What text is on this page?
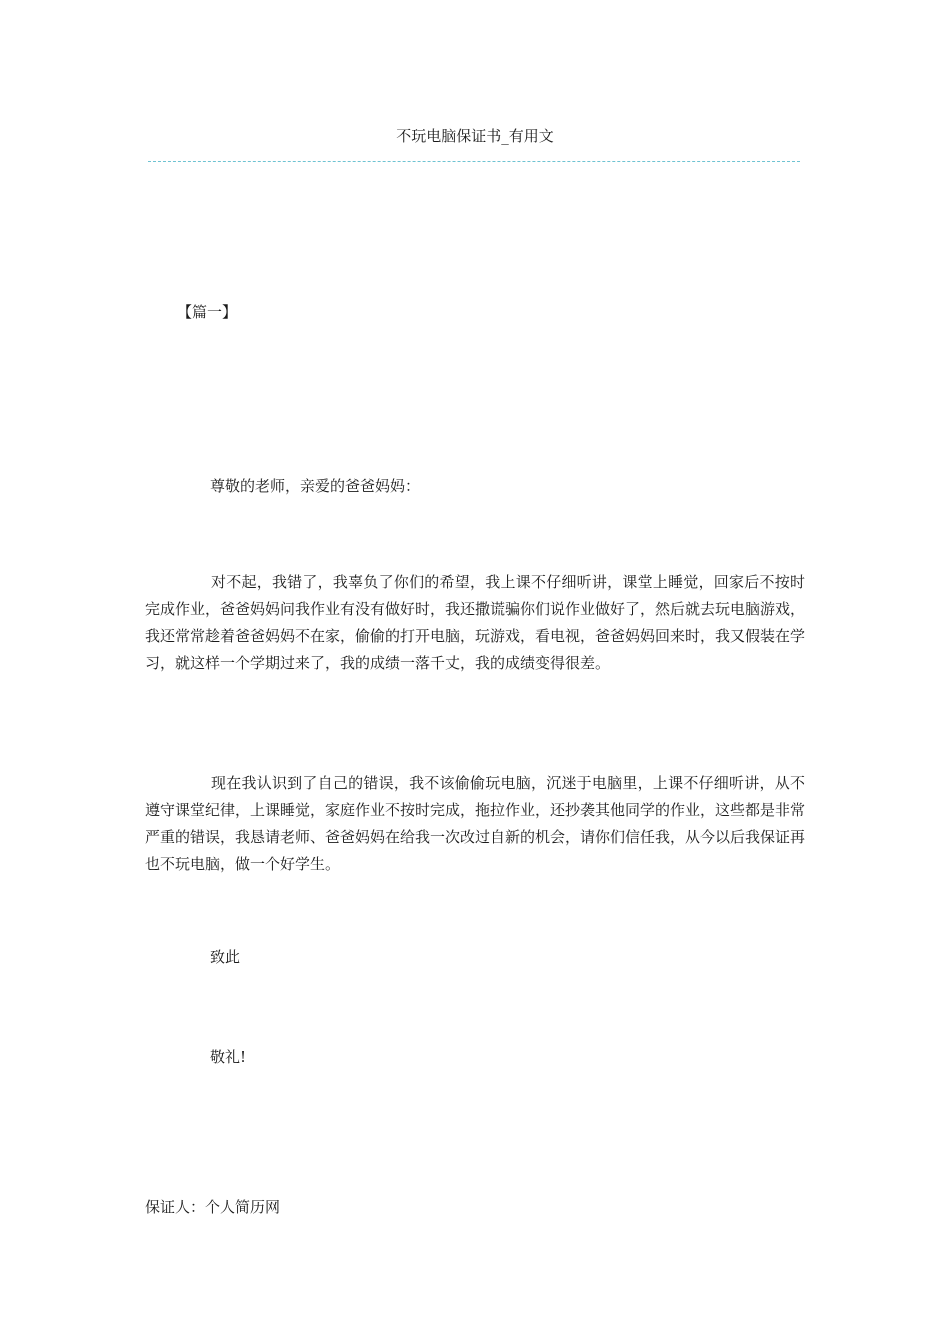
不玩电脑保证书_有用文
【篇一】
尊敬的老师，亲爱的爸爸妈妈：

对不起，我错了，我辜负了你们的希望，我上课不仔细听讲，课堂上睡觉，回家后不按时完成作业，爸爸妈妈问我作业有没有做好时，我还撒谎骗你们说作业做好了，然后就去玩电脑游戏，我还常常趁着爸爸妈妈不在家，偷偷的打开电脑，玩游戏，看电视，爸爸妈妈回来时，我又假装在学习，就这样一个学期过来了，我的成绩一落千丈，我的成绩变得很差。

现在我认识到了自己的错误，我不该偷偷玩电脑，沉迷于电脑里，上课不仔细听讲，从不遵守课堂纪律，上课睡觉，家庭作业不按时完成，拖拉作业，还抄袭其他同学的作业，这些都是非常严重的错误，我恳请老师、爸爸妈妈在给我一次改过自新的机会，请你们信任我，从今以后我保证再也不玩电脑，做一个好学生。

致此
敬礼!
保证人：个人简历网
